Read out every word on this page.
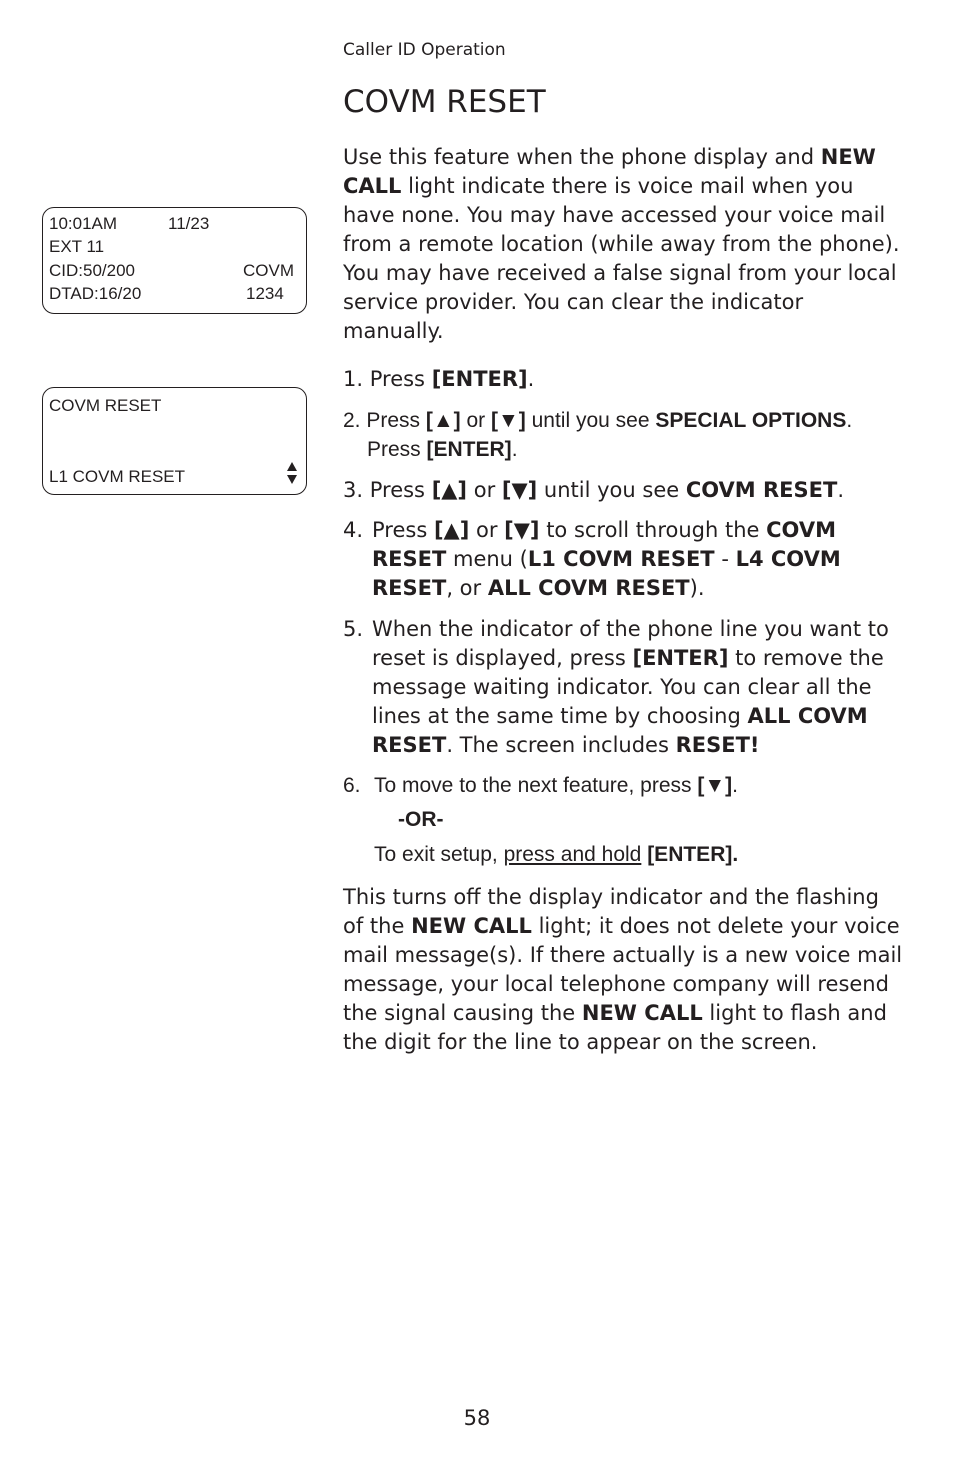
Caller ID Operation
COVM RESET
10:01AM	11/23
EXT 11
CID:50/200	COVM
DTAD:16/20	1234
COVM RESET
L1 COVM RESET

Use this feature when the phone display and NEW CALL light indicate there is voice mail when you have none. You may have accessed your voice mail from a remote location (while away from the phone). You may have received a false signal from your local service provider. You can clear the indicator manually.

1. Press [ENTER].

2. Press [▲] or [▼] until you see SPECIAL OPTIONS.
Press [ENTER].

3. Press [▲] or [▼] until you see COVM RESET.

4. Press [▲] or [▼] to scroll through the COVM RESET menu (L1 COVM RESET - L4 COVM RESET, or ALL COVM RESET).
5. When the indicator of the phone line you want to reset is displayed, press [ENTER] to remove the message waiting indicator. You can clear all the lines at the same time by choosing ALL COVM RESET. The screen includes RESET!
6. To move to the next feature, press [▼].
-OR-
To exit setup, press and hold [ENTER].

This turns off the display indicator and the flashing of the NEW CALL light; it does not delete your voice mail message(s). If there actually is a new voice mail message, your local telephone company will resend the signal causing the NEW CALL light to flash and the digit for the line to appear on the screen.

58
